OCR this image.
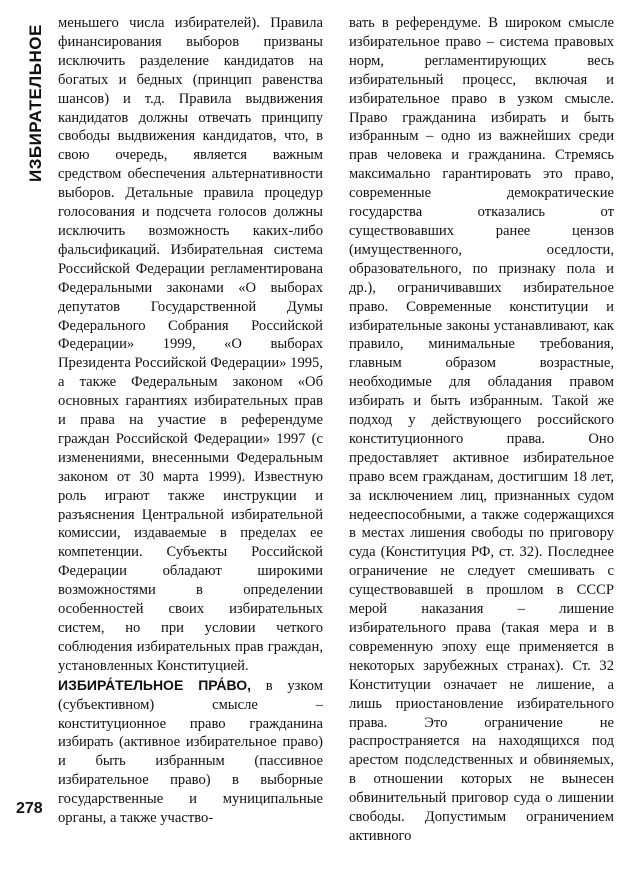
ИЗБИРАТЕЛЬНОЕ
278

меньшего числа избирателей). Правила финансирования выборов призваны исключить разделение кандидатов на богатых и бедных (принцип равенства шансов) и т.д. Правила выдвижения кандидатов должны отвечать принципу свободы выдвижения кандидатов, что, в свою очередь, является важным средством обеспечения альтернативности выборов. Детальные правила процедур голосования и подсчета голосов должны исключить возможность каких-либо фальсификаций. Избирательная система Российской Федерации регламентирована Федеральными законами «О выборах депутатов Государственной Думы Федерального Собрания Российской Федерации» 1999, «О выборах Президента Российской Федерации» 1995, а также Федеральным законом «Об основных гарантиях избирательных прав и права на участие в референдуме граждан Российской Федерации» 1997 (с изменениями, внесенными Федеральным законом от 30 марта 1999). Известную роль играют также инструкции и разъяснения Центральной избирательной комиссии, издаваемые в пределах ее компетенции. Субъекты Российской Федерации обладают широкими возможностями в определении особенностей своих избирательных систем, но при условии четкого соблюдения избирательных прав граждан, установленных Конституцией.

ИЗБИРА́ТЕЛЬНОЕ ПРА́ВО, в узком (субъективном) смысле – конституционное право гражданина избирать (активное избирательное право) и быть избранным (пассивное избирательное право) в выборные государственные и муниципальные органы, а также участво-

вать в референдуме. В широком смысле избирательное право – система правовых норм, регламентирующих весь избирательный процесс, включая и избирательное право в узком смысле. Право гражданина избирать и быть избранным – одно из важнейших среди прав человека и гражданина. Стремясь максимально гарантировать это право, современные демократические государства отказались от существовавших ранее цензов (имущественного, оседлости, образовательного, по признаку пола и др.), ограничивавших избирательное право. Современные конституции и избирательные законы устанавливают, как правило, минимальные требования, главным образом возрастные, необходимые для обладания правом избирать и быть избранным. Такой же подход у действующего российского конституционного права. Оно предоставляет активное избирательное право всем гражданам, достигшим 18 лет, за исключением лиц, признанных судом недееспособными, а также содержащихся в местах лишения свободы по приговору суда (Конституция РФ, ст. 32). Последнее ограничение не следует смешивать с существовавшей в прошлом в СССР мерой наказания – лишение избирательного права (такая мера и в современную эпоху еще применяется в некоторых зарубежных странах). Ст. 32 Конституции означает не лишение, а лишь приостановление избирательного права. Это ограничение не распространяется на находящихся под арестом подследственных и обвиняемых, в отношении которых не вынесен обвинительный приговор суда о лишении свободы. Допустимым ограничением активного
